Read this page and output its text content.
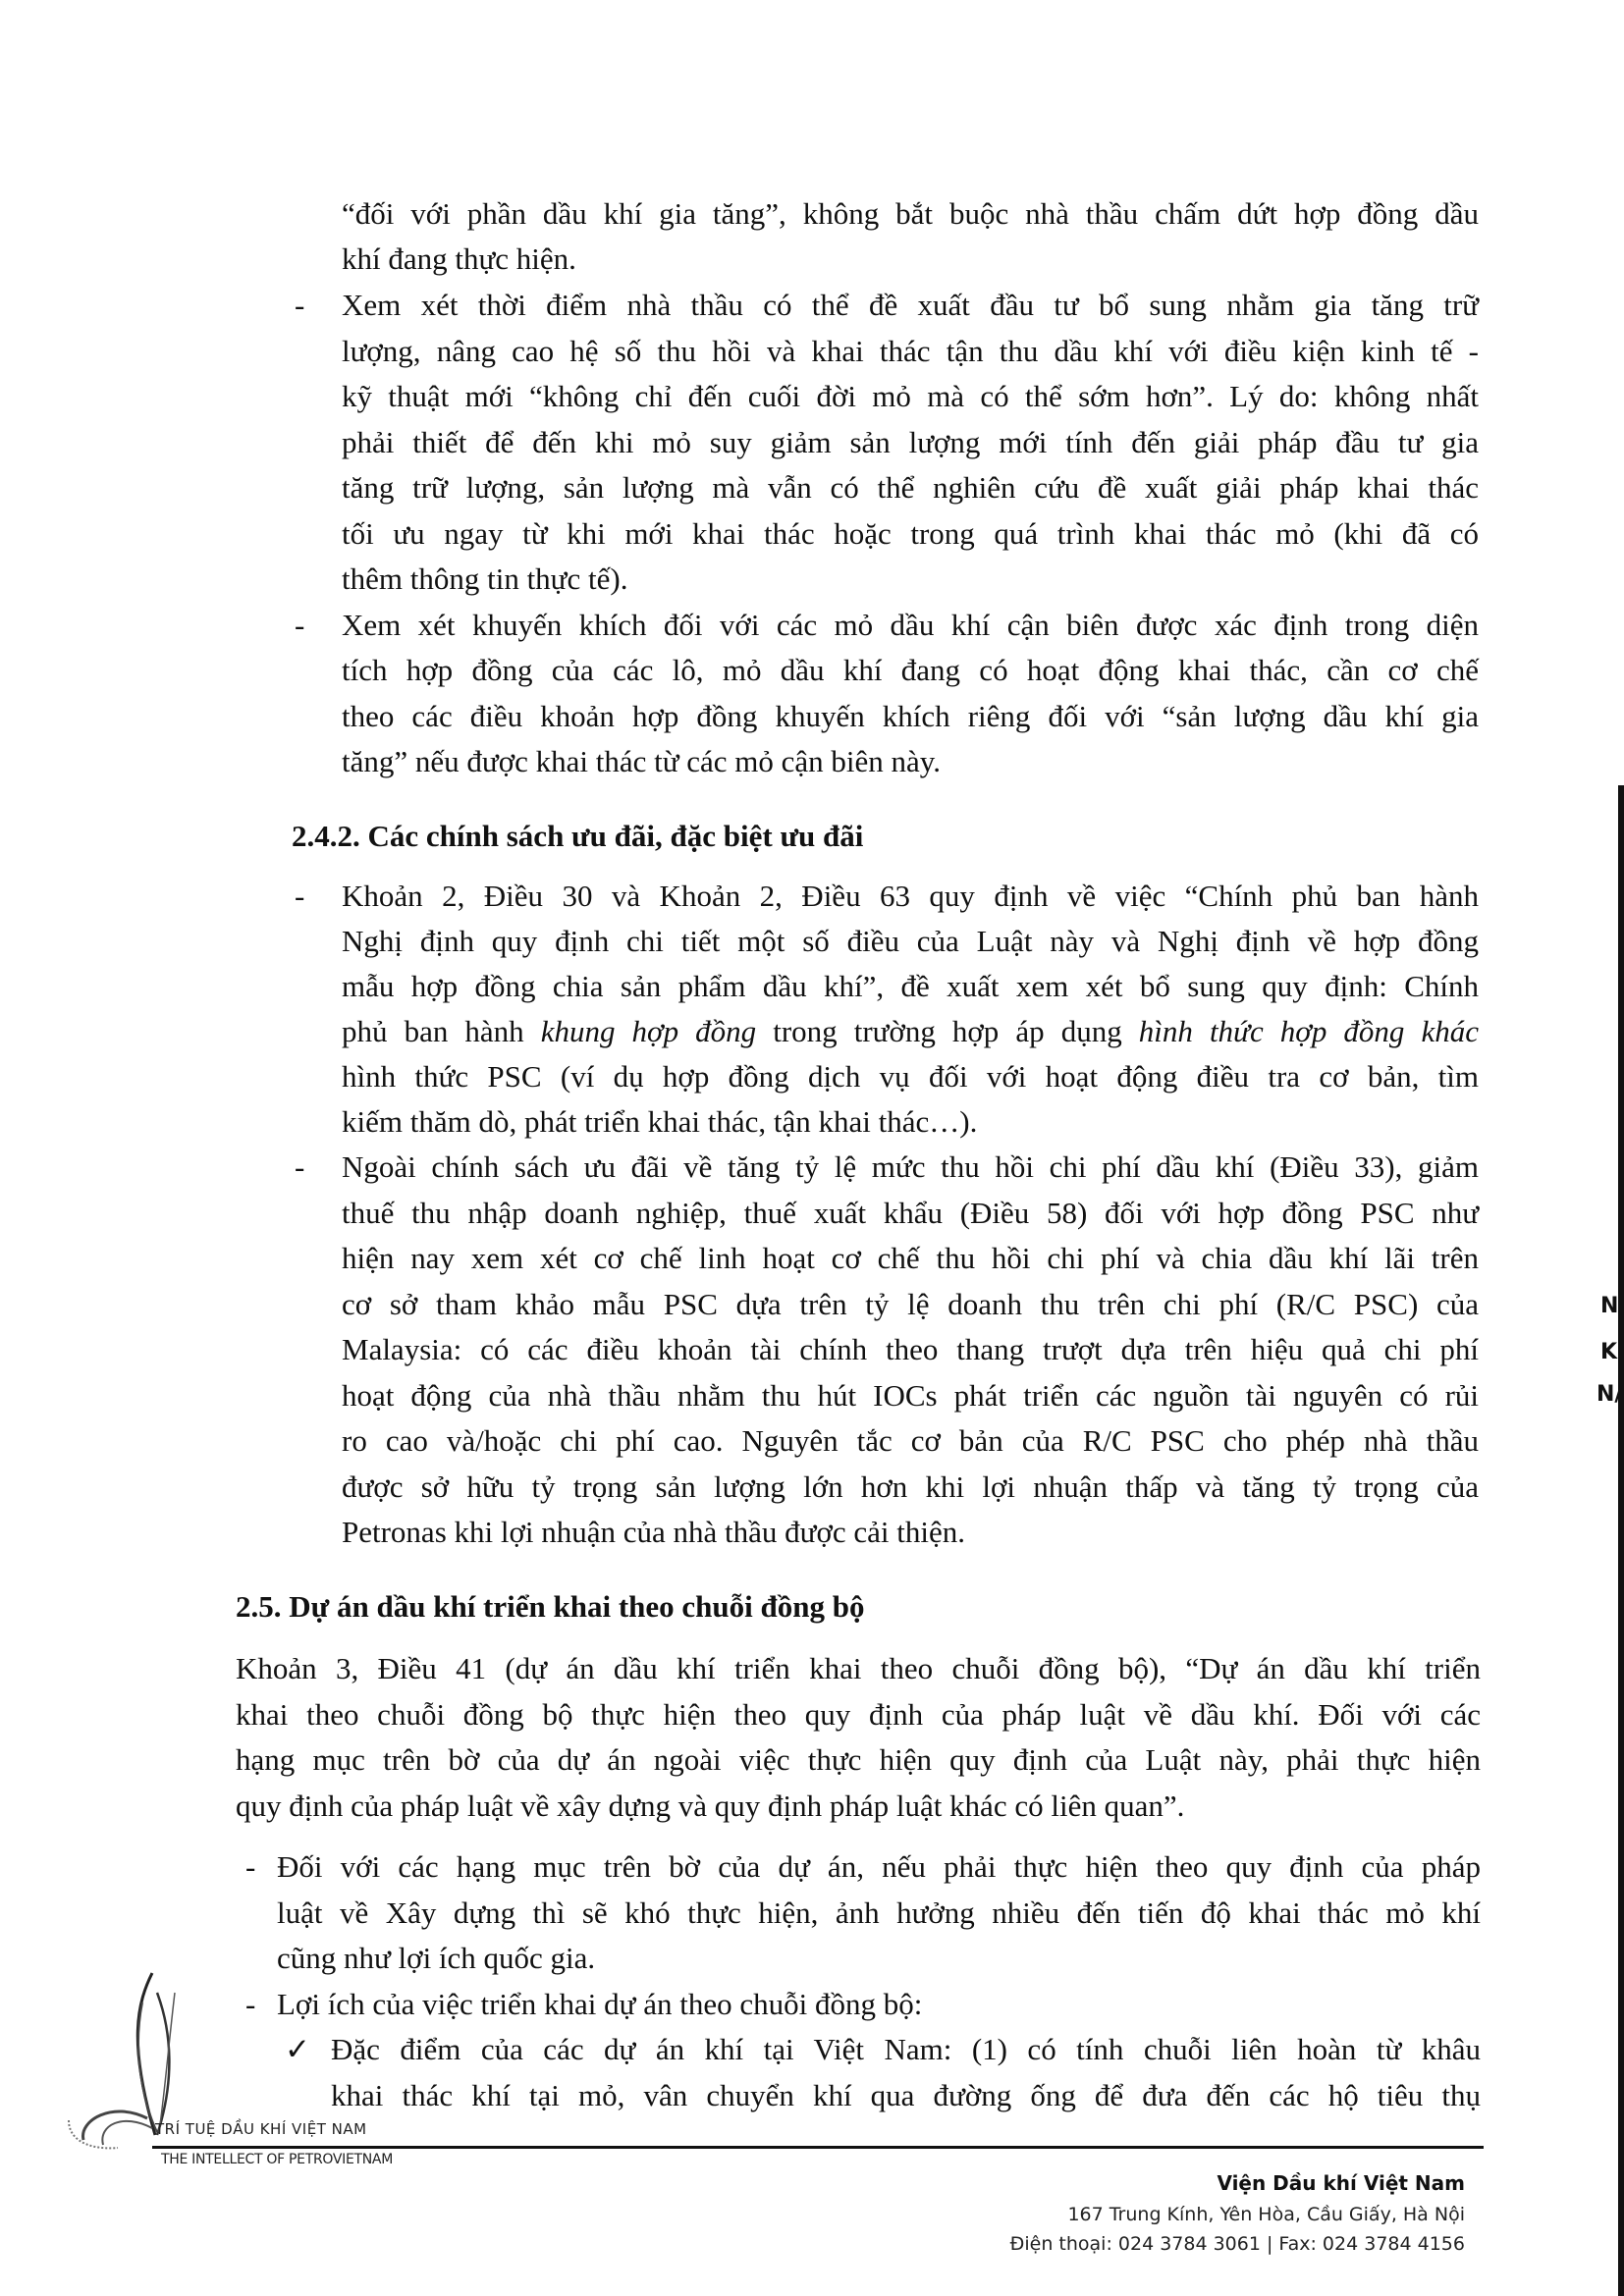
“đối với phần dầu khí gia tăng”, không bắt buộc nhà thầu chấm dứt hợp đồng dầu
khí đang thực hiện.
- Xem xét thời điểm nhà thầu có thể đề xuất đầu tư bổ sung nhằm gia tăng trữ
lượng, nâng cao hệ số thu hồi và khai thác tận thu dầu khí với điều kiện kinh tế -
kỹ thuật mới “không chỉ đến cuối đời mỏ mà có thể sớm hơn”. Lý do: không nhất
phải thiết để đến khi mỏ suy giảm sản lượng mới tính đến giải pháp đầu tư gia
tăng trữ lượng, sản lượng mà vẫn có thể nghiên cứu đề xuất giải pháp khai thác
tối ưu ngay từ khi mới khai thác hoặc trong quá trình khai thác mỏ (khi đã có
thêm thông tin thực tế).
- Xem xét khuyến khích đối với các mỏ dầu khí cận biên được xác định trong diện
tích hợp đồng của các lô, mỏ dầu khí đang có hoạt động khai thác, cần cơ chế
theo các điều khoản hợp đồng khuyến khích riêng đối với “sản lượng dầu khí gia
tăng” nếu được khai thác từ các mỏ cận biên này.
2.4.2. Các chính sách ưu đãi, đặc biệt ưu đãi
- Khoản 2, Điều 30 và Khoản 2, Điều 63 quy định về việc “Chính phủ ban hành
Nghị định quy định chi tiết một số điều của Luật này và Nghị định về hợp đồng
mẫu hợp đồng chia sản phẩm dầu khí”, đề xuất xem xét bổ sung quy định: Chính
phủ ban hành khung hợp đồng trong trường hợp áp dụng hình thức hợp đồng khác
hình thức PSC (ví dụ hợp đồng dịch vụ đối với hoạt động điều tra cơ bản, tìm
kiếm thăm dò, phát triển khai thác, tận khai thác…).
- Ngoài chính sách ưu đãi về tăng tỷ lệ mức thu hồi chi phí dầu khí (Điều 33), giảm
thuế thu nhập doanh nghiệp, thuế xuất khẩu (Điều 58) đối với hợp đồng PSC như
hiện nay xem xét cơ chế linh hoạt cơ chế thu hồi chi phí và chia dầu khí lãi trên
cơ sở tham khảo mẫu PSC dựa trên tỷ lệ doanh thu trên chi phí (R/C PSC) của
Malaysia: có các điều khoản tài chính theo thang trượt dựa trên hiệu quả chi phí
hoạt động của nhà thầu nhằm thu hút IOCs phát triển các nguồn tài nguyên có rủi
ro cao và/hoặc chi phí cao. Nguyên tắc cơ bản của R/C PSC cho phép nhà thầu
được sở hữu tỷ trọng sản lượng lớn hơn khi lợi nhuận thấp và tăng tỷ trọng của
Petronas khi lợi nhuận của nhà thầu được cải thiện.
2.5. Dự án dầu khí triển khai theo chuỗi đồng bộ
Khoản 3, Điều 41 (dự án dầu khí triển khai theo chuỗi đồng bộ), “Dự án dầu khí triển
khai theo chuỗi đồng bộ thực hiện theo quy định của pháp luật về dầu khí. Đối với các
hạng mục trên bờ của dự án ngoài việc thực hiện quy định của Luật này, phải thực hiện
quy định của pháp luật về xây dựng và quy định pháp luật khác có liên quan”.
- Đối với các hạng mục trên bờ của dự án, nếu phải thực hiện theo quy định của pháp
luật về Xây dựng thì sẽ khó thực hiện, ảnh hưởng nhiều đến tiến độ khai thác mỏ khí
cũng như lợi ích quốc gia.
- Lợi ích của việc triển khai dự án theo chuỗi đồng bộ:
✓ Đặc điểm của các dự án khí tại Việt Nam: (1) có tính chuỗi liên hoàn từ khâu
khai thác khí tại mỏ, vân chuyển khí qua đường ống để đưa đến các hộ tiêu thụ
TRÍ TUỆ DẦU KHÍ VIỆT NAM
THE INTELLECT OF PETROVIETNAM
Viện Dầu khí Việt Nam
167 Trung Kính, Yên Hòa, Cầu Giấy, Hà Nội
Điện thoại: 024 3784 3061 | Fax: 024 3784 4156
N
K
N/
